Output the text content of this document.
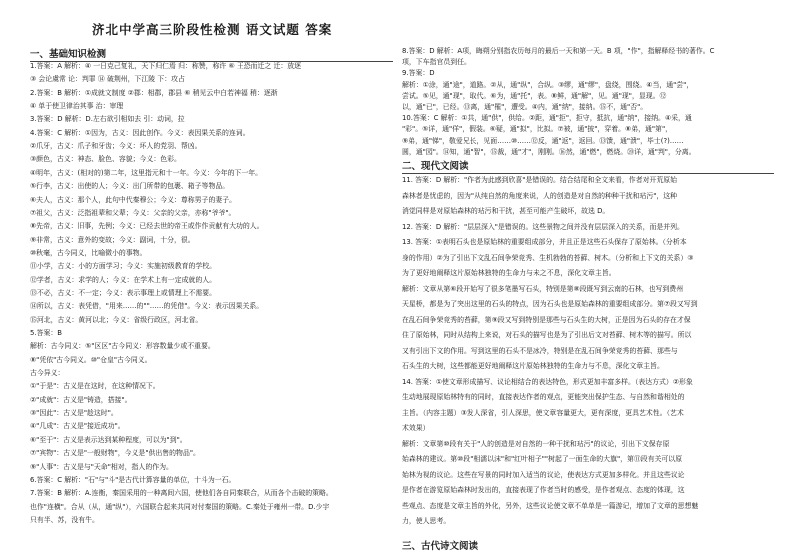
济北中学高三阶段性检测 语文试题 答案
一、基础知识检测
1.答案：A 解析：④ 一日克己复礼，天下归仁焉 归：称赞，称许 ⑥ 王恐而迁之 迁：放逐
③ 会论虞常 论：判罪 ⑭ 破荆州，下江陵 下：攻占
2.答案：B 解析：①成就文制度 ②郡：相郡，郡县 ⑥ 稍见云中白若神福 稍：逐渐
④ 单于使卫律治其事 治：审理
3.答案：D 解析：D.左右欲引相如去 引：动词，拉
4.答案：C 解析：①因为，古义：因此创作。今义：表因果关系的连词。
②爪牙，古义：爪子和牙齿；今义：坏人的党羽、帮凶。
③颜色，古义：神态、脸色、容貌；今义：色彩。
④明年，古义：(相对的)第二年，这里指元和十一年。今义：今年的下一年。
⑤行李，古义：出使的人；今义：出门所带的包裹、箱子等物品。
⑥夫人，古义：那个人，此句中代秦穆公；今义：尊称男子的妻子。
⑦祖父，古义：泛指祖辈和父辈；今义：父亲的父亲，亦称"爷爷"。
⑧先帝，古义：旧事，先例；今义：已经去世的帝王或作作贡献有大功的人。
⑨非常，古义：意外的变故；今义：副词，十分，很。
⑩秋毫，古今同义，比喻微小的事物。
⑪小学，古义：小的方面学习；今义：实施初级教育的学校。
⑫学者，古义：求学的人；今义：在学术上有一定成就的人。
⑬不必，古义：不一定；今义：表示事理上或情理上不需要。
⑭所以，古义：表凭借，"用来……的""……的凭借"。今义：表示因果关系。
⑮河北，古义：黄河以北；今义：省级行政区，河北省。
5.答案：B
解析：古今同义：⑤"区区"古今同义：形容数量少或不重要。
⑧"凭依"古今同义。⑩"仓皇"古今同义。
古今异义：
①"于是"：古义是在这时，在这种情况下。
②"成就"：古义是"铸造，搭接"。
③"因此"：古义是"趁这时"。
④"几成"：古义是"接近成功"。
⑥"至于"：古义是表示达到某种程度，可以为"到"。
⑦"宾物"：古义是"一般财物"，今义是"供出售的物品"。
⑨"人事"：古义是与"天命"相对，指人的作为。
6.答案：C 解析："石"与"斗"是古代计算容量的单位，十斗为一石。
7.答案：B 解析：A.连衡，秦国采用的一种离间六国，使他们各自同秦联合，从而各个击破的策略。
也作"连横"。合从（从，通"纵"），六国联合起来共同对付秦国的策略。C.秦处于雍州一带。D.少宇
只有半、苏，没有牛。
8.答案：D 解析：A项，晦朔分别指农历每月的最后一天和第一天。B 项，"作"，指解释经书的著作。C
项，下车指官员到任。
9.答案：D
解析：①涂，通"途"，道路。②从，通"纵"，合纵。③缪，通"缪"，盘绕，围绕。④当，通"尝"，
尝试。⑤见，通"现"，取代。⑥为，通"托"，表。⑧鲜，通"解"，见。通"现"，显现。⑫
以，通"已"，已经。⑬离，通"罹"，遭受。④内，通"纳"，接纳。⑮不，通"否"。
10.答案：C 解析：①共，通"供"，供给。②距，通"拒"，拒守，抵抗，通"纳"，接纳。④采，通
"彩"。⑤详，通"佯"，假装。⑥疑，通"拟"，比拟。⑦被，通"披"，穿着。⑧弟，通"第"，
⑨弟，通"悌"，敬爱兄长，见面……⑩……⑫反，通"返"，返回。⑬馈，通"溃"，毕士(?)……
圆，通"园"。⑭知，通"智"，⑮裁，通"才"，刚刚。⑯然，通"燃"，燃烧。⑳详，通"判"，分离。
二、现代文阅读
11. 答案：D 解析："作者为此感到欣喜"是错误的。结合结尾和全文来看，作者对开荒原始
森林者是忧虑的，因为"从纯自然的角度来说，人的创造是对自然的种种干扰和玷污"，这种
消觉同样是对原始森林的玷污和干扰，甚至可能产生破坏，故选 D。
12. 答案：D 解析："层层深入"是错误的。这些景物之间并没有层层深入的关系，而是并列。
13. 答案：①表明石头也是原始林的重要组成部分，并且正是这些石头保存了原始林。（分析本
身的作用）②为了引出下文乱石间争荣竞秀、生机勃勃的苔藓、树木。（分析和上下文的关系）③
为了更好地阐释这片原始林独特的生命力与未之不息，深化文章主旨。
解析：文章从第⑥段开始写了很多笔墨写石头，特别是第⑧段既写到云南的石林，也写到费州
天星桥，都是为了突出这里的石头的特点，因为石头也是原始森林的重要组成部分。第⑦段又写到
在乱石间争荣竞秀的苔藓，第⑨段又写到特别是那些与石头生的大树，正是因为石头的存在才保
住了原始林，同时从结构上来说，对石头的描写也是为了引出后文对苔藓、树木等的描写。所以
又有引出下文的作用。写到这里的石头不是冰冷，特别是在乱石间争荣竞秀的苔藓、那些与
石头生的大树，这些都能更好地阐释这片原始林独特的生命力与不息，深化文章主旨。
14. 答案：①使文章形成描写、议论相结合的表达特色，形式更加丰富多样。（表达方式）②形象
生动地展现原始林特有的同时，直接表达作者的观点，更能突出保护生态、与自然和谐相处的
主旨。（内容主题）③发人深省，引人深思，使文章容量更大，更有深度，更具艺术性。（艺术
术效果）
解析：文章第⑩段有关于"人的创造是对自然的一种干扰和玷污"的议论，引出下文保存原
始森林的建议。第⑩段"相濡以沫"和"红叶相子""树起了一面生命的大旗"，第⑪段有关可以原
始林为视的议论。这些在写景的同时加入适当的议论，使表达方式更加多样化。并且这些议论
是作者在游览原始森林时发出的，直接表现了作者当时的感受，是作者观点、态度的体现，这
些观点、态度是文章主旨的外化，另外，这些议论使文章不单单是一篇游记，增加了文章的思想魅
力，使人思考。
三、古代诗文阅读
